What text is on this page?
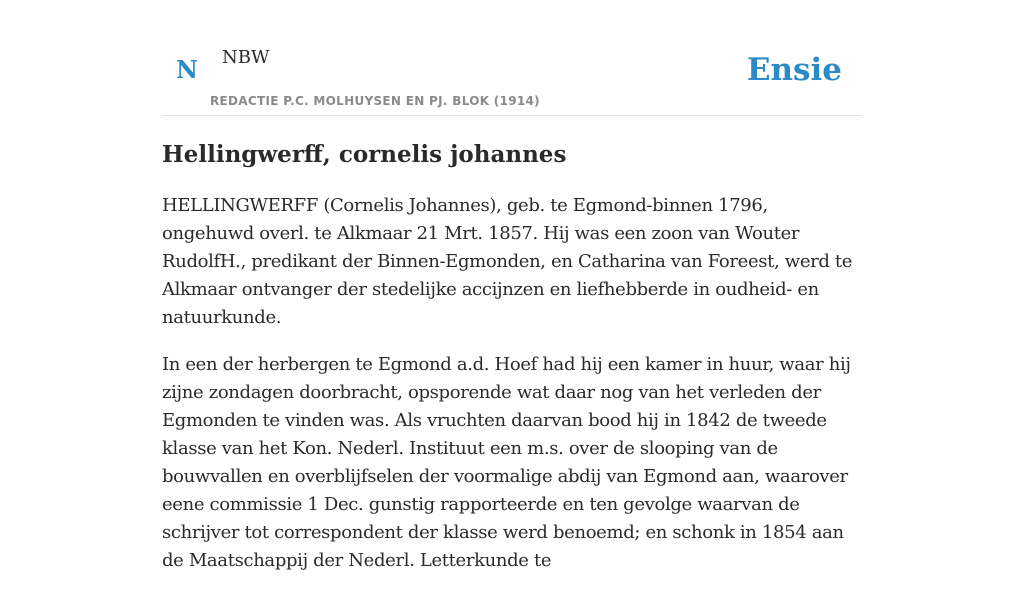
N NBW
REDACTIE P.C. MOLHUYSEN EN PJ. BLOK (1914)
Ensie
Hellingwerff, cornelis johannes

HELLINGWERFF (Cornelis Johannes), geb. te Egmond-binnen 1796, ongehuwd overl. te Alkmaar 21 Mrt. 1857. Hij was een zoon van Wouter RudolfH., predikant der Binnen-Egmonden, en Catharina van Foreest, werd te Alkmaar ontvanger der stedelijke accijnzen en liefhebberde in oudheid- en natuurkunde.

In een der herbergen te Egmond a.d. Hoef had hij een kamer in huur, waar hij zijne zondagen doorbracht, opsporende wat daar nog van het verleden der Egmonden te vinden was. Als vruchten daarvan bood hij in 1842 de tweede klasse van het Kon. Nederl. Instituut een m.s. over de slooping van de bouwvallen en overblijfselen der voormalige abdij van Egmond aan, waarover eene commissie 1 Dec. gunstig rapporteerde en ten gevolge waarvan de schrijver tot correspondent der klasse werd benoemd; en schonk in 1854 aan de Maatschappij der Nederl. Letterkunde te
